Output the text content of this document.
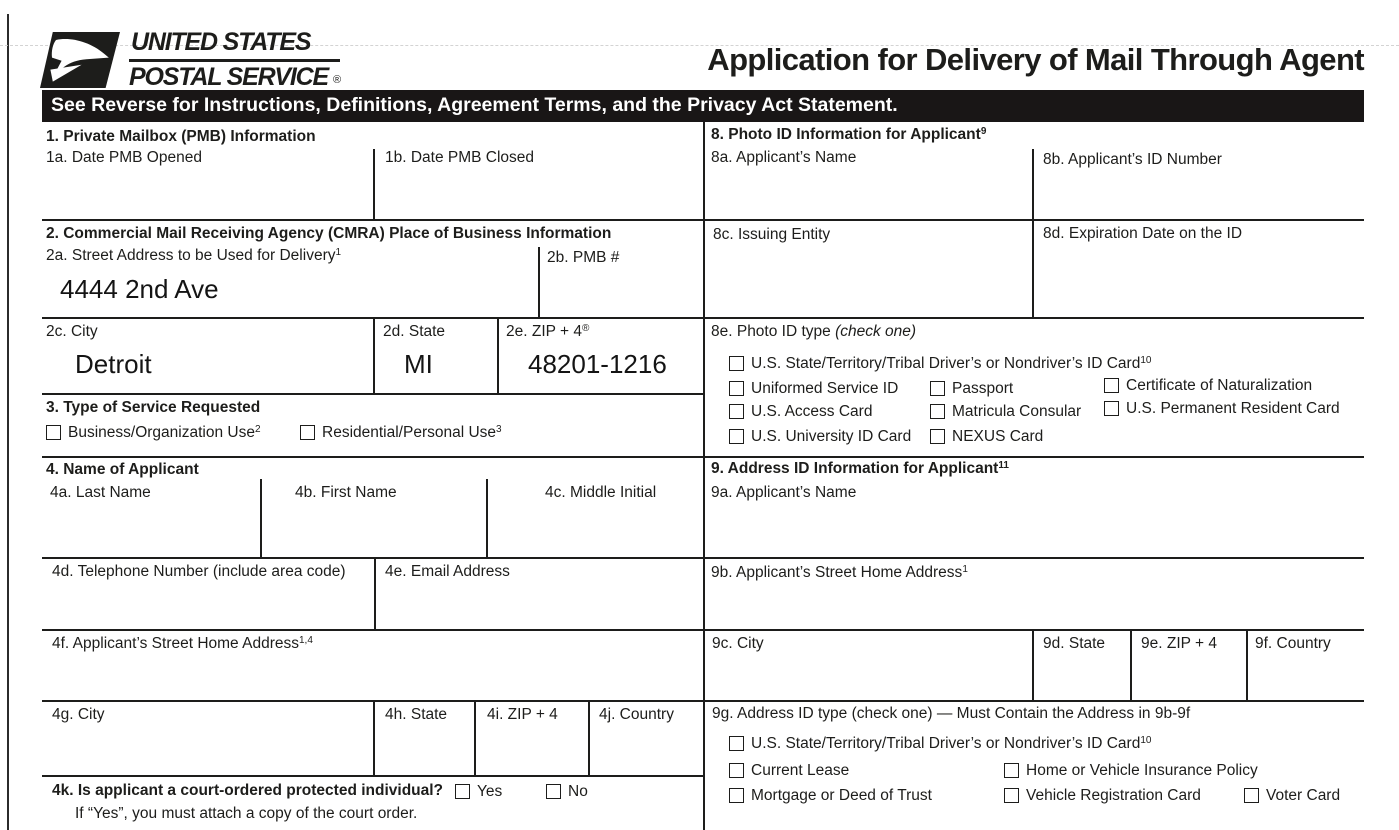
UNITED STATES
POSTAL SERVICE ®
Application for Delivery of Mail Through Agent
See Reverse for Instructions, Definitions, Agreement Terms, and the Privacy Act Statement.
1a. Date PMB Opened	1b. Date PMB Closed
2a. Street Address to be Used for Delivery$^1$
4444 2nd Ave
2b. PMB #
2c. City
Detroit
2d. State
MI
2e. ZIP + 4®
48201-1216
4a. Last Name	4b. First Name	4c. Middle Initial
4d. Telephone Number (include area code)	4e. Email Address
4f. Applicant’s Street Home Address$^{1,4}$
4g. City	4h. State	4i. ZIP + 4	4j. Country
8a. Applicant’s Name	8b. Applicant’s ID Number
8c. Issuing Entity	8d. Expiration Date on the ID
9a. Applicant’s Name
9b. Applicant’s Street Home Address$^1$
9c. City	9d. State	9e. ZIP + 4	9f. Country
1. Private Mailbox (PMB) Information
2. Commercial Mail Receiving Agency (CMRA) Place of Business Information
3. Type of Service Requested
4. Name of Applicant
8. Photo ID Information for Applicant$^9$
9. Address ID Information for Applicant$^{11}$
8e. Photo ID type (check one)
9g. Address ID type (check one) — Must Contain the Address in 9b-9f
Business/Organization Use$^2$	Residential/Personal Use$^3$
4k. Is applicant a court-ordered protected individual? Yes	No
If “Yes”, you must attach a copy of the court order.
U.S. State/Territory/Tribal Driver’s or Nondriver’s ID Card$^{10}$
Uniformed Service ID	Passport	Certificate of Naturalization
U.S. Access Card	Matricula Consular	U.S. Permanent Resident Card
U.S. University ID Card	NEXUS Card
U.S. State/Territory/Tribal Driver’s or Nondriver’s ID Card$^{10}$
Current Lease	Home or Vehicle Insurance Policy
Mortgage or Deed of Trust	Vehicle Registration Card	Voter Card
